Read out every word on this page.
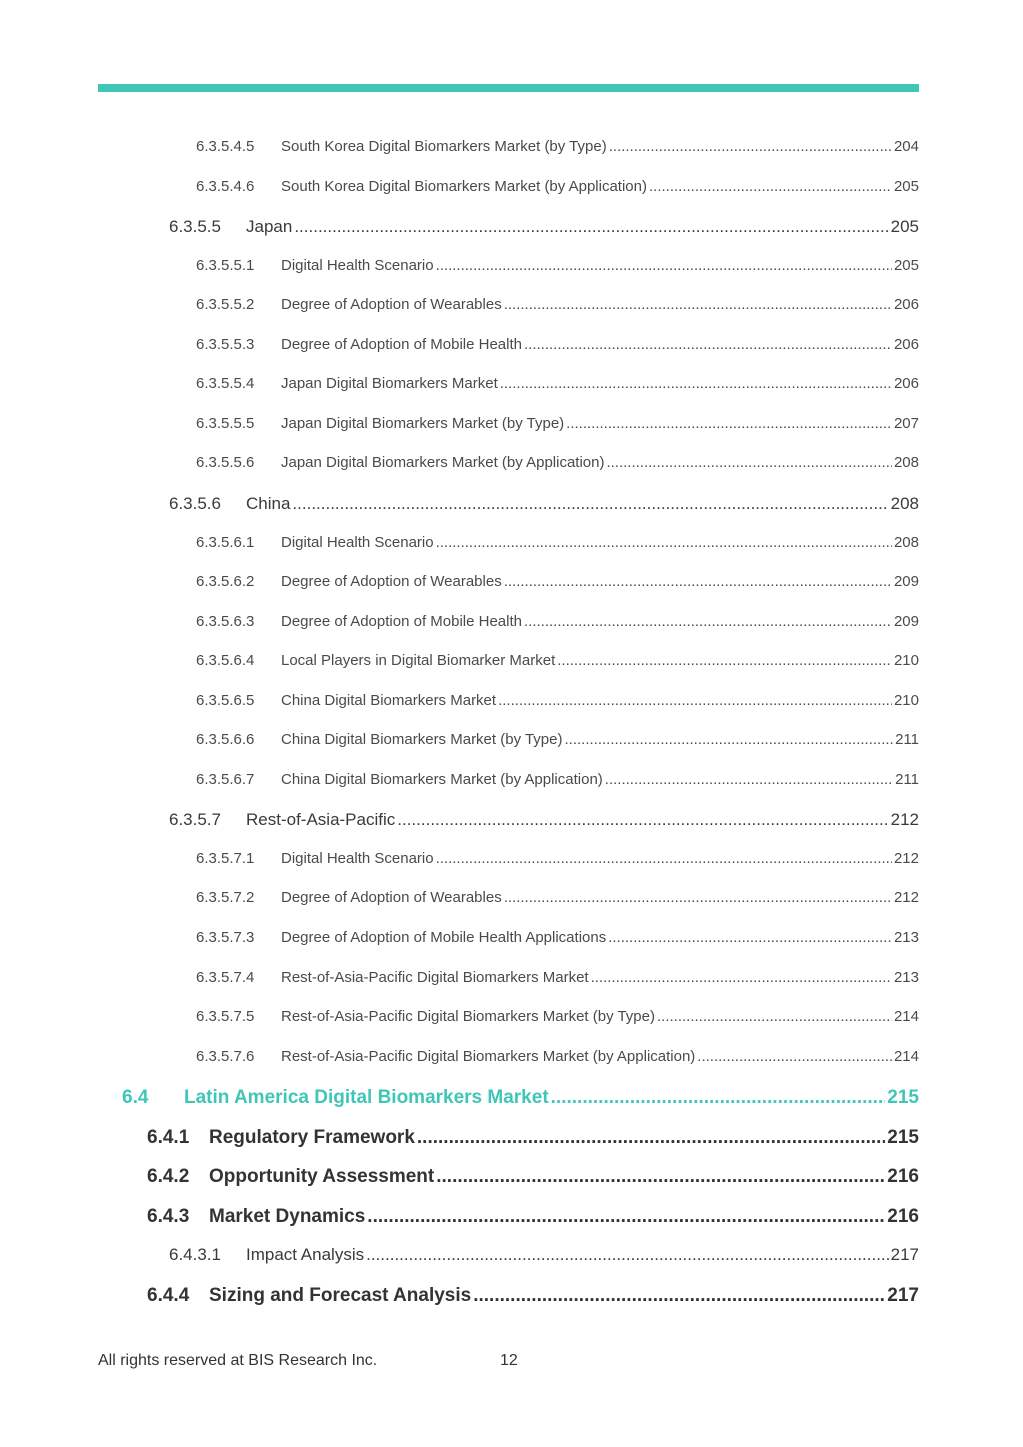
6.3.5.4.5	South Korea Digital Biomarkers Market (by Type) .....	204
6.3.5.4.6	South Korea Digital Biomarkers Market (by Application) .....	205
6.3.5.5	Japan .....	205
6.3.5.5.1	Digital Health Scenario .....	205
6.3.5.5.2	Degree of Adoption of Wearables .....	206
6.3.5.5.3	Degree of Adoption of Mobile Health .....	206
6.3.5.5.4	Japan Digital Biomarkers Market .....	206
6.3.5.5.5	Japan Digital Biomarkers Market (by Type) .....	207
6.3.5.5.6	Japan Digital Biomarkers Market (by Application) .....	208
6.3.5.6	China .....	208
6.3.5.6.1	Digital Health Scenario .....	208
6.3.5.6.2	Degree of Adoption of Wearables .....	209
6.3.5.6.3	Degree of Adoption of Mobile Health .....	209
6.3.5.6.4	Local Players in Digital Biomarker Market .....	210
6.3.5.6.5	China Digital Biomarkers Market .....	210
6.3.5.6.6	China Digital Biomarkers Market (by Type) .....	211
6.3.5.6.7	China Digital Biomarkers Market (by Application) .....	211
6.3.5.7	Rest-of-Asia-Pacific .....	212
6.3.5.7.1	Digital Health Scenario .....	212
6.3.5.7.2	Degree of Adoption of Wearables .....	212
6.3.5.7.3	Degree of Adoption of Mobile Health Applications .....	213
6.3.5.7.4	Rest-of-Asia-Pacific Digital Biomarkers Market .....	213
6.3.5.7.5	Rest-of-Asia-Pacific Digital Biomarkers Market (by Type) .....	214
6.3.5.7.6	Rest-of-Asia-Pacific Digital Biomarkers Market (by Application) .....	214
6.4	Latin America Digital Biomarkers Market .....	215
6.4.1	Regulatory Framework .....	215
6.4.2	Opportunity Assessment .....	216
6.4.3	Market Dynamics .....	216
6.4.3.1	Impact Analysis .....	217
6.4.4	Sizing and Forecast Analysis .....	217
All rights reserved at BIS Research Inc.	12
